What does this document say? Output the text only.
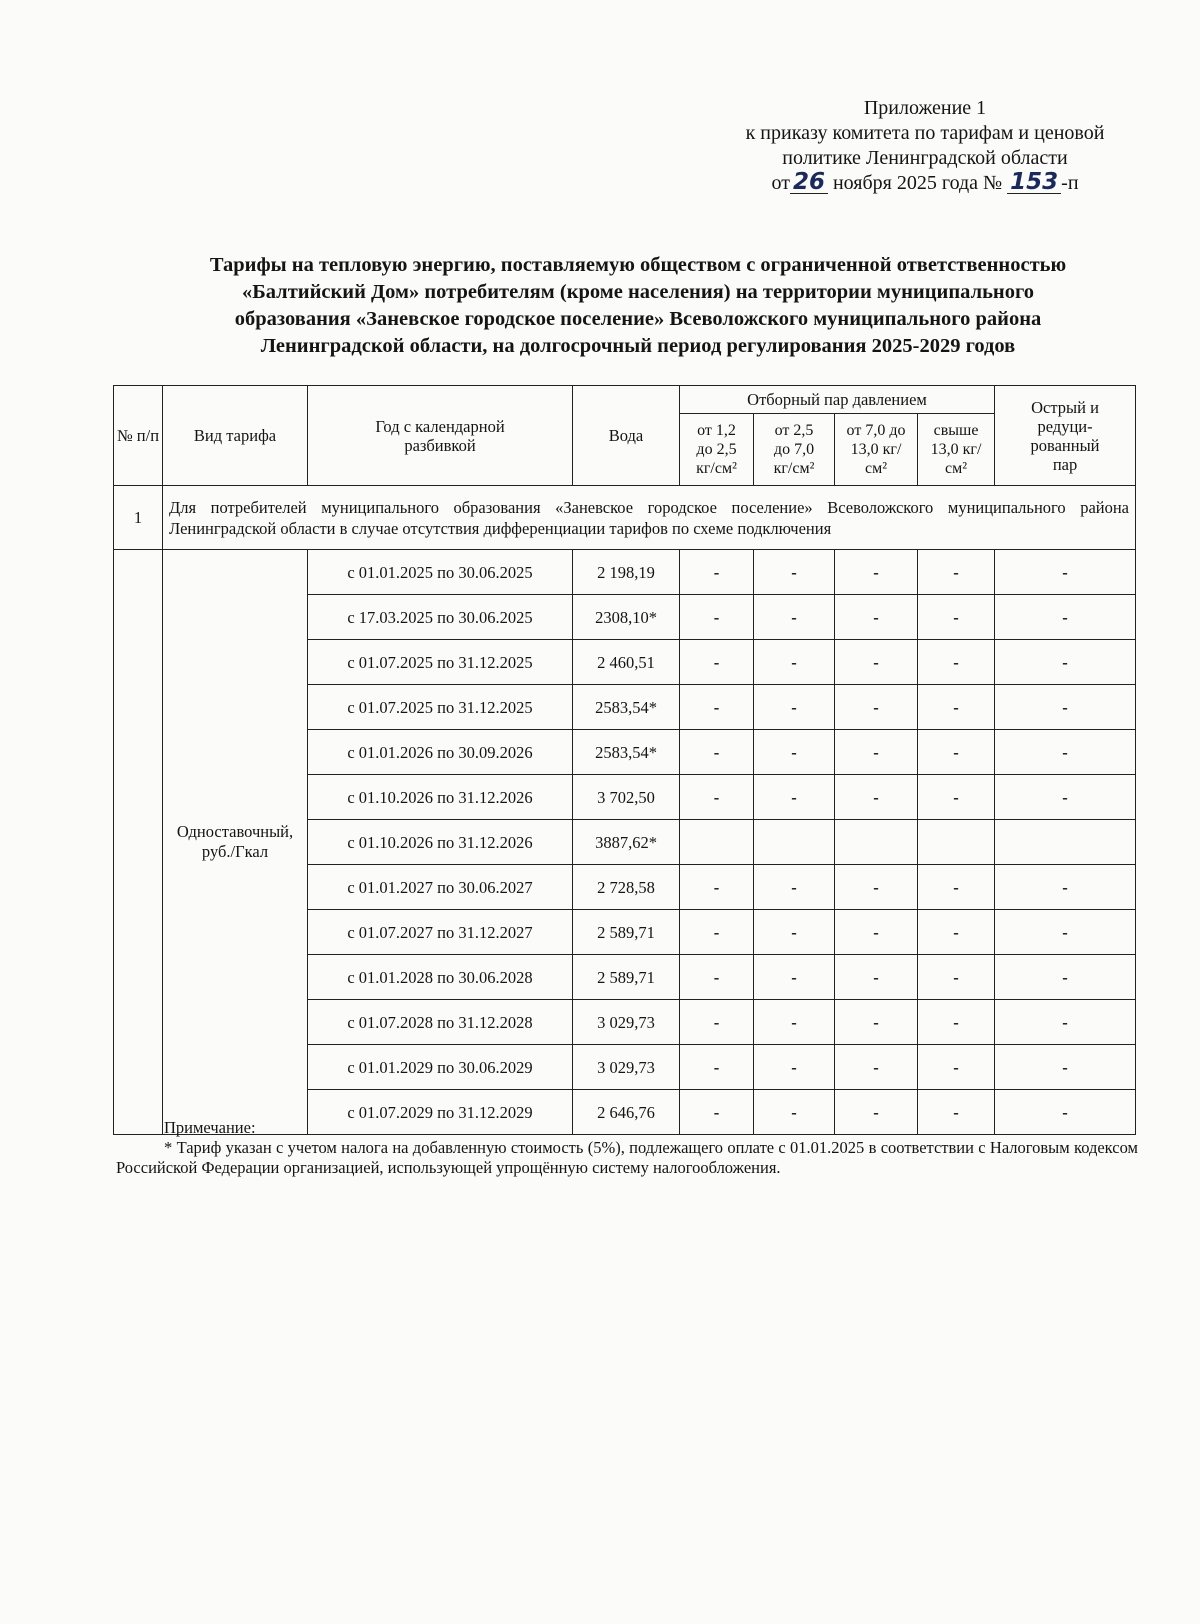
Приложение 1
к приказу комитета по тарифам и ценовой
политике Ленинградской области
от 26 ноября 2025 года № 153 -п
Тарифы на тепловую энергию, поставляемую обществом с ограниченной ответственностью
«Балтийский Дом» потребителям (кроме населения) на территории муниципального
образования «Заневское городское поселение» Всеволожского муниципального района
Ленинградской области, на долгосрочный период регулирования 2025-2029 годов
№ п/п	Вид тарифа	Год с календарной разбивкой	Вода	Отборный пар давлением				Острый и редуци-рованный пар
				от 1,2 до 2,5 кг/см²	от 2,5 до 7,0 кг/см²	от 7,0 до 13,0 кг/см²	свыше 13,0 кг/см²	
1	Для потребителей муниципального образования «Заневское городское поселение» Всеволожского муниципального района Ленинградской области в случае отсутствия дифференциации тарифов по схеме подключения							
	Одноставочный, руб./Гкал	с 01.01.2025 по 30.06.2025	2 198,19	-	-	-	-	-
		с 17.03.2025 по 30.06.2025	2308,10*	-	-	-	-	-
		с 01.07.2025 по 31.12.2025	2 460,51	-	-	-	-	-
		с 01.07.2025 по 31.12.2025	2583,54*	-	-	-	-	-
		с 01.01.2026 по 30.09.2026	2583,54*	-	-	-	-	-
		с 01.10.2026 по 31.12.2026	3 702,50	-	-	-	-	-
		с 01.10.2026 по 31.12.2026	3887,62*					
		с 01.01.2027 по 30.06.2027	2 728,58	-	-	-	-	-
		с 01.07.2027 по 31.12.2027	2 589,71	-	-	-	-	-
		с 01.01.2028 по 30.06.2028	2 589,71	-	-	-	-	-
		с 01.07.2028 по 31.12.2028	3 029,73	-	-	-	-	-
		с 01.01.2029 по 30.06.2029	3 029,73	-	-	-	-	-
		с 01.07.2029 по 31.12.2029	2 646,76	-	-	-	-	-
Примечание:
* Тариф указан с учетом налога на добавленную стоимость (5%), подлежащего оплате с 01.01.2025 в соответствии с Налоговым кодексом Российской Федерации организацией, использующей упрощённую систему налогообложения.
